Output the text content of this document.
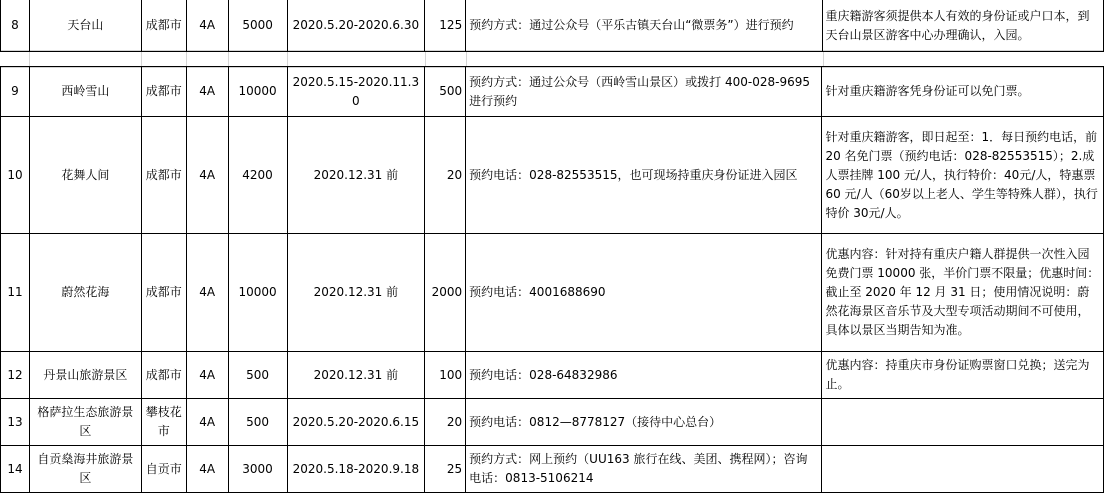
8	天台山	成都市	4A	5000	2020.5.20-2020.6.30	125	预约方式：通过公众号（平乐古镇天台山“微票务”）进行预约	重庆籍游客须提供本人有效的身份证或户口本，到天台山景区游客中心办理确认，入园。
9	西岭雪山	成都市	4A	10000	2020.5.15-2020.11.30	500	预约方式：通过公众号（西岭雪山景区）或拨打 400-028-9695 进行预约	针对重庆籍游客凭身份证可以免门票。
10	花舞人间	成都市	4A	4200	2020.12.31 前	20	预约电话：028-82553515，也可现场持重庆身份证进入园区	针对重庆籍游客，即日起至：1．每日预约电话，前 20 名免门票（预约电话：028-82553515）；2.成人票挂牌 100 元/人，执行特价：40元/人，特惠票 60 元/人（60岁以上老人、学生等特殊人群），执行特价 30元/人。
11	蔚然花海	成都市	4A	10000	2020.12.31 前	2000	预约电话：4001688690	优惠内容：针对持有重庆户籍人群提供一次性入园免费门票 10000 张，半价门票不限量；优惠时间：截止至 2020 年 12 月 31 日；使用情况说明：蔚然花海景区音乐节及大型专项活动期间不可使用，具体以景区当期告知为准。
12	丹景山旅游景区	成都市	4A	500	2020.12.31 前	100	预约电话：028-64832986	优惠内容：持重庆市身份证购票窗口兑换；送完为止。
13	格萨拉生态旅游景区	攀枝花市	4A	500	2020.5.20-2020.6.15	20	预约电话：0812—8778127（接待中心总台）	
14	自贡燊海井旅游景区	自贡市	4A	3000	2020.5.18-2020.9.18	25	预约方式：网上预约（UU163 旅行在线、美团、携程网）；咨询电话：0813-5106214	
